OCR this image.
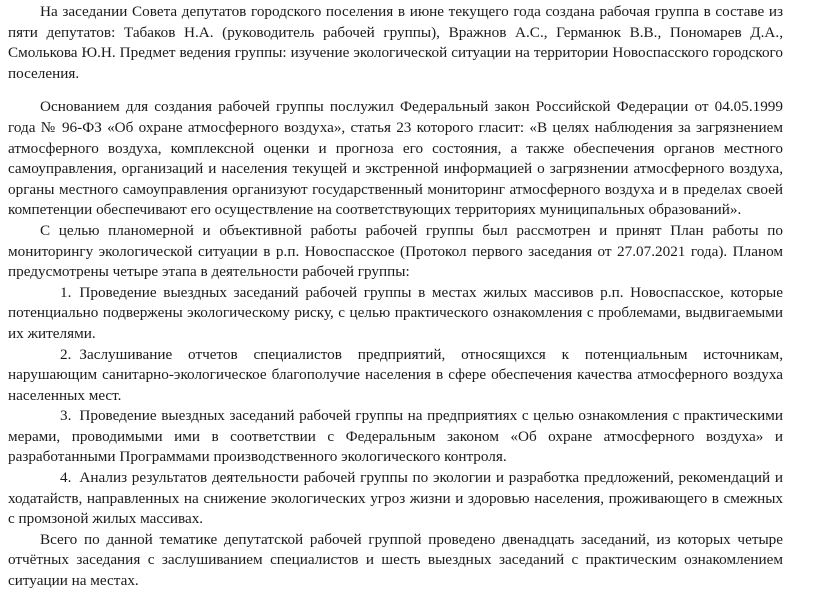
На заседании Совета депутатов городского поселения в июне текущего года создана рабочая группа в составе из пяти депутатов: Табаков Н.А. (руководитель рабочей группы), Вражнов А.С., Германюк В.В., Пономарев Д.А., Смолькова Ю.Н. Предмет ведения группы: изучение экологической ситуации на территории Новоспасского городского поселения.

Основанием для создания рабочей группы послужил Федеральный закон Российской Федерации от 04.05.1999 года № 96-ФЗ «Об охране атмосферного воздуха», статья 23 которого гласит: «В целях наблюдения за загрязнением атмосферного воздуха, комплексной оценки и прогноза его состояния, а также обеспечения органов местного самоуправления, организаций и населения текущей и экстренной информацией о загрязнении атмосферного воздуха, органы местного самоуправления организуют государственный мониторинг атмосферного воздуха и в пределах своей компетенции обеспечивают его осуществление на соответствующих территориях муниципальных образований».

С целью планомерной и объективной работы рабочей группы был рассмотрен и принят План работы по мониторингу экологической ситуации в р.п. Новоспасское (Протокол первого заседания от 27.07.2021 года). Планом предусмотрены четыре этапа в деятельности рабочей группы:

1. Проведение выездных заседаний рабочей группы в местах жилых массивов р.п. Новоспасское, которые потенциально подвержены экологическому риску, с целью практического ознакомления с проблемами, выдвигаемыми их жителями.

2. Заслушивание отчетов специалистов предприятий, относящихся к потенциальным источникам, нарушающим санитарно-экологическое благополучие населения в сфере обеспечения качества атмосферного воздуха населенных мест.

3. Проведение выездных заседаний рабочей группы на предприятиях с целью ознакомления с практическими мерами, проводимыми ими в соответствии с Федеральным законом «Об охране атмосферного воздуха» и разработанными Программами производственного экологического контроля.

4. Анализ результатов деятельности рабочей группы по экологии и разработка предложений, рекомендаций и ходатайств, направленных на снижение экологических угроз жизни и здоровью населения, проживающего в смежных с промзоной жилых массивах.

Всего по данной тематике депутатской рабочей группой проведено двенадцать заседаний, из которых четыре отчётных заседания с заслушиванием специалистов и шесть выездных заседаний с практическим ознакомлением ситуации на местах.
